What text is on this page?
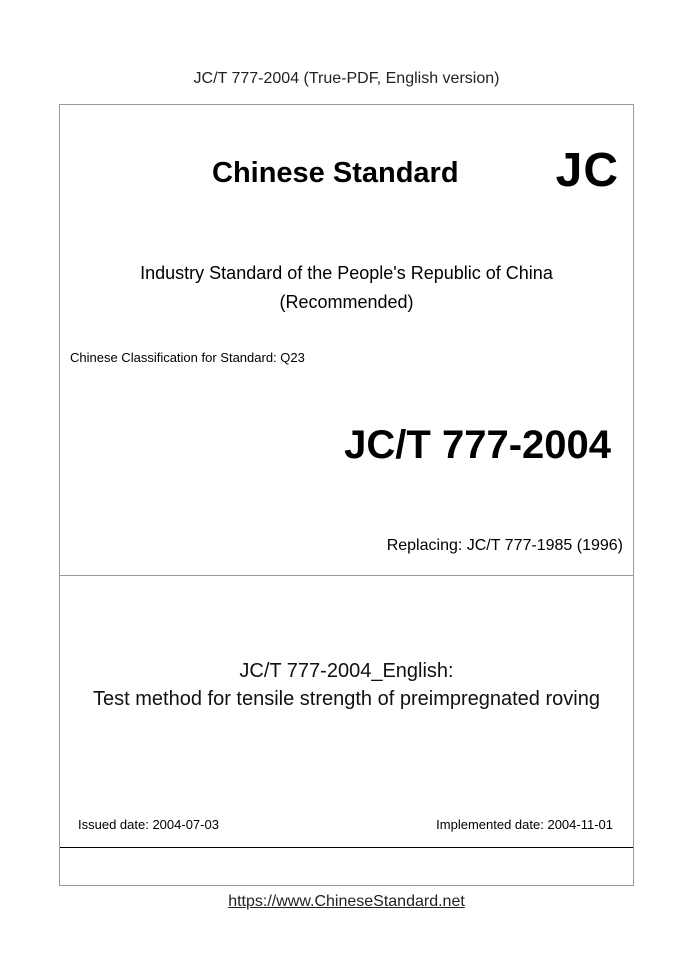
JC/T 777-2004 (True-PDF, English version)
Chinese Standard JC
Industry Standard of the People's Republic of China
(Recommended)
Chinese Classification for Standard: Q23
JC/T 777-2004
Replacing: JC/T 777-1985 (1996)
JC/T 777-2004_English:
Test method for tensile strength of preimpregnated roving
Issued date: 2004-07-03	Implemented date: 2004-11-01
https://www.ChineseStandard.net
